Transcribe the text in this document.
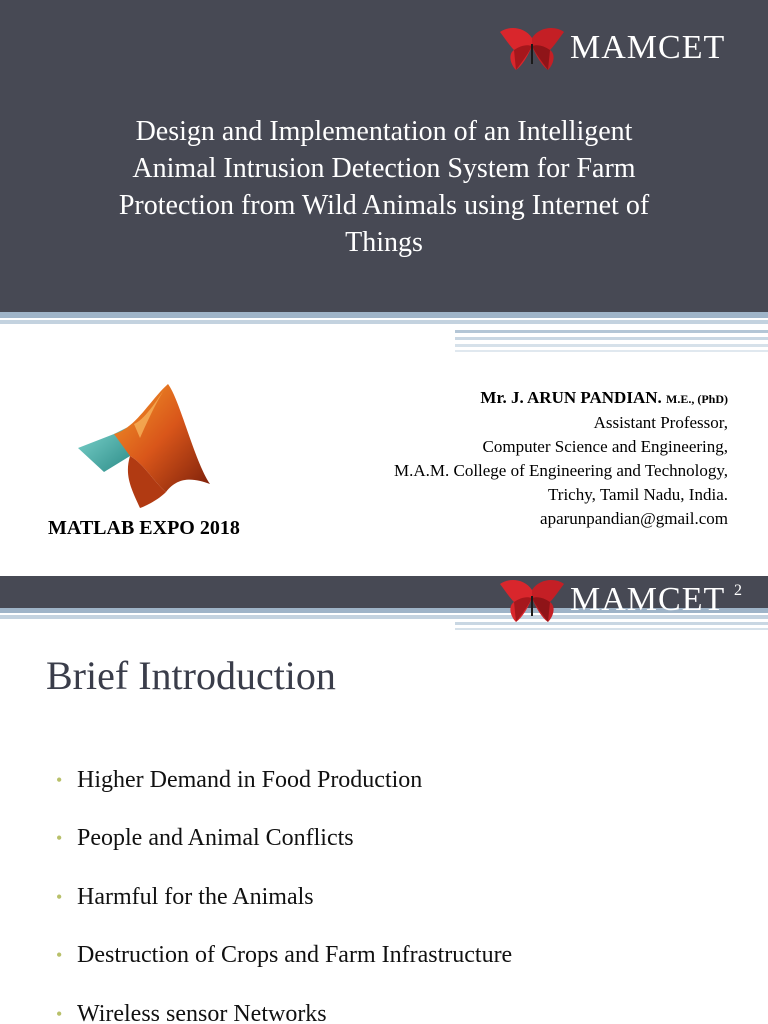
MAMCET
Design and Implementation of an Intelligent
Animal Intrusion Detection System for Farm
Protection from Wild Animals using Internet of
Things
MATLAB EXPO 2018
Mr. J. ARUN PANDIAN. M.E., (PhD)
Assistant Professor,
Computer Science and Engineering,
M.A.M. College of Engineering and Technology,
Trichy, Tamil Nadu, India.
aparunpandian@gmail.com
MAMCET 2
Brief Introduction
• Higher Demand in Food Production
• People and Animal Conflicts
• Harmful for the Animals
• Destruction of Crops and Farm Infrastructure
• Wireless sensor Networks
